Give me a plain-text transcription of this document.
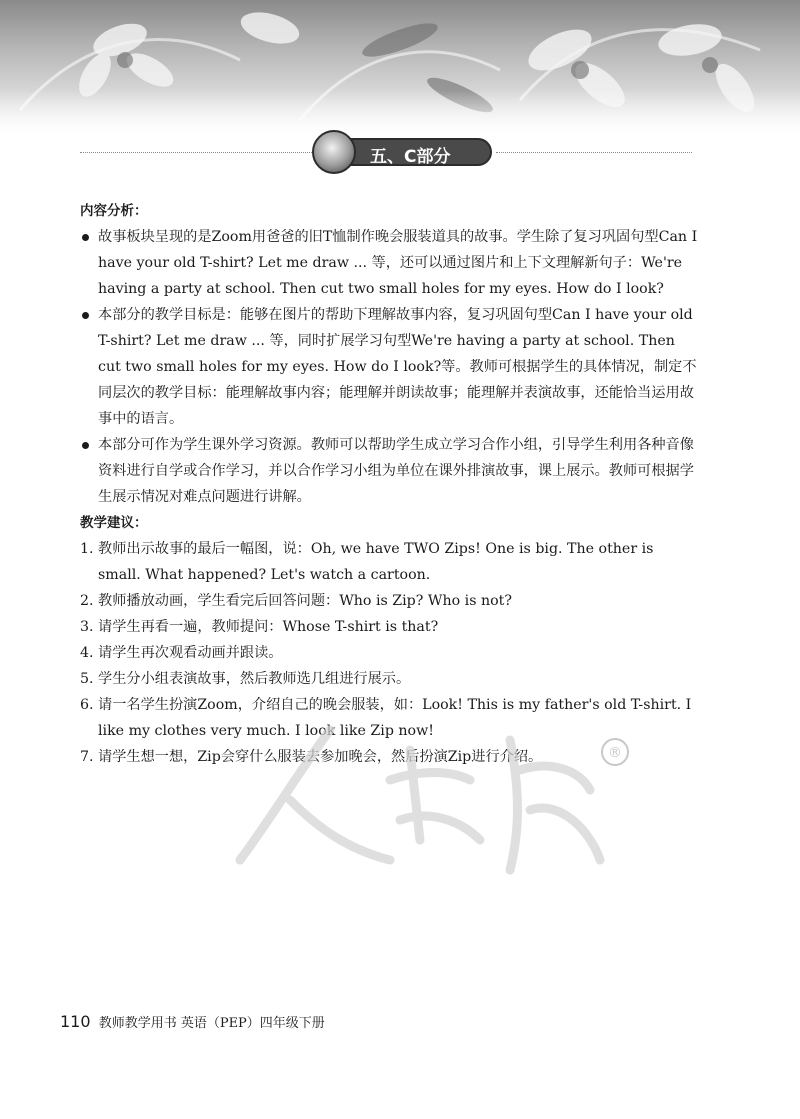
五、C部分

内容分析：

故事板块呈现的是Zoom用爸爸的旧T恤制作晚会服装道具的故事。学生除了复习巩固句型Can I have your old T-shirt? Let me draw ... 等，还可以通过图片和上下文理解新句子：We're having a party at school. Then cut two small holes for my eyes. How do I look?
本部分的教学目标是：能够在图片的帮助下理解故事内容，复习巩固句型Can I have your old T-shirt? Let me draw ... 等，同时扩展学习句型We're having a party at school. Then cut two small holes for my eyes. How do I look?等。教师可根据学生的具体情况，制定不同层次的教学目标：能理解故事内容；能理解并朗读故事；能理解并表演故事，还能恰当运用故事中的语言。
本部分可作为学生课外学习资源。教师可以帮助学生成立学习合作小组，引导学生利用各种音像资料进行自学或合作学习，并以合作学习小组为单位在课外排演故事，课上展示。教师可根据学生展示情况对难点问题进行讲解。

教学建议：

1. 教师出示故事的最后一幅图，说：Oh, we have TWO Zips! One is big. The other is small. What happened? Let's watch a cartoon.
2. 教师播放动画，学生看完后回答问题：Who is Zip? Who is not?
3. 请学生再看一遍，教师提问：Whose T-shirt is that?
4. 请学生再次观看动画并跟读。
5. 学生分小组表演故事，然后教师选几组进行展示。
6. 请一名学生扮演Zoom，介绍自己的晚会服装，如：Look! This is my father's old T-shirt. I like my clothes very much. I look like Zip now!
7. 请学生想一想，Zip会穿什么服装去参加晚会，然后扮演Zip进行介绍。	®
110 教师教学用书 英语（PEP）四年级下册
